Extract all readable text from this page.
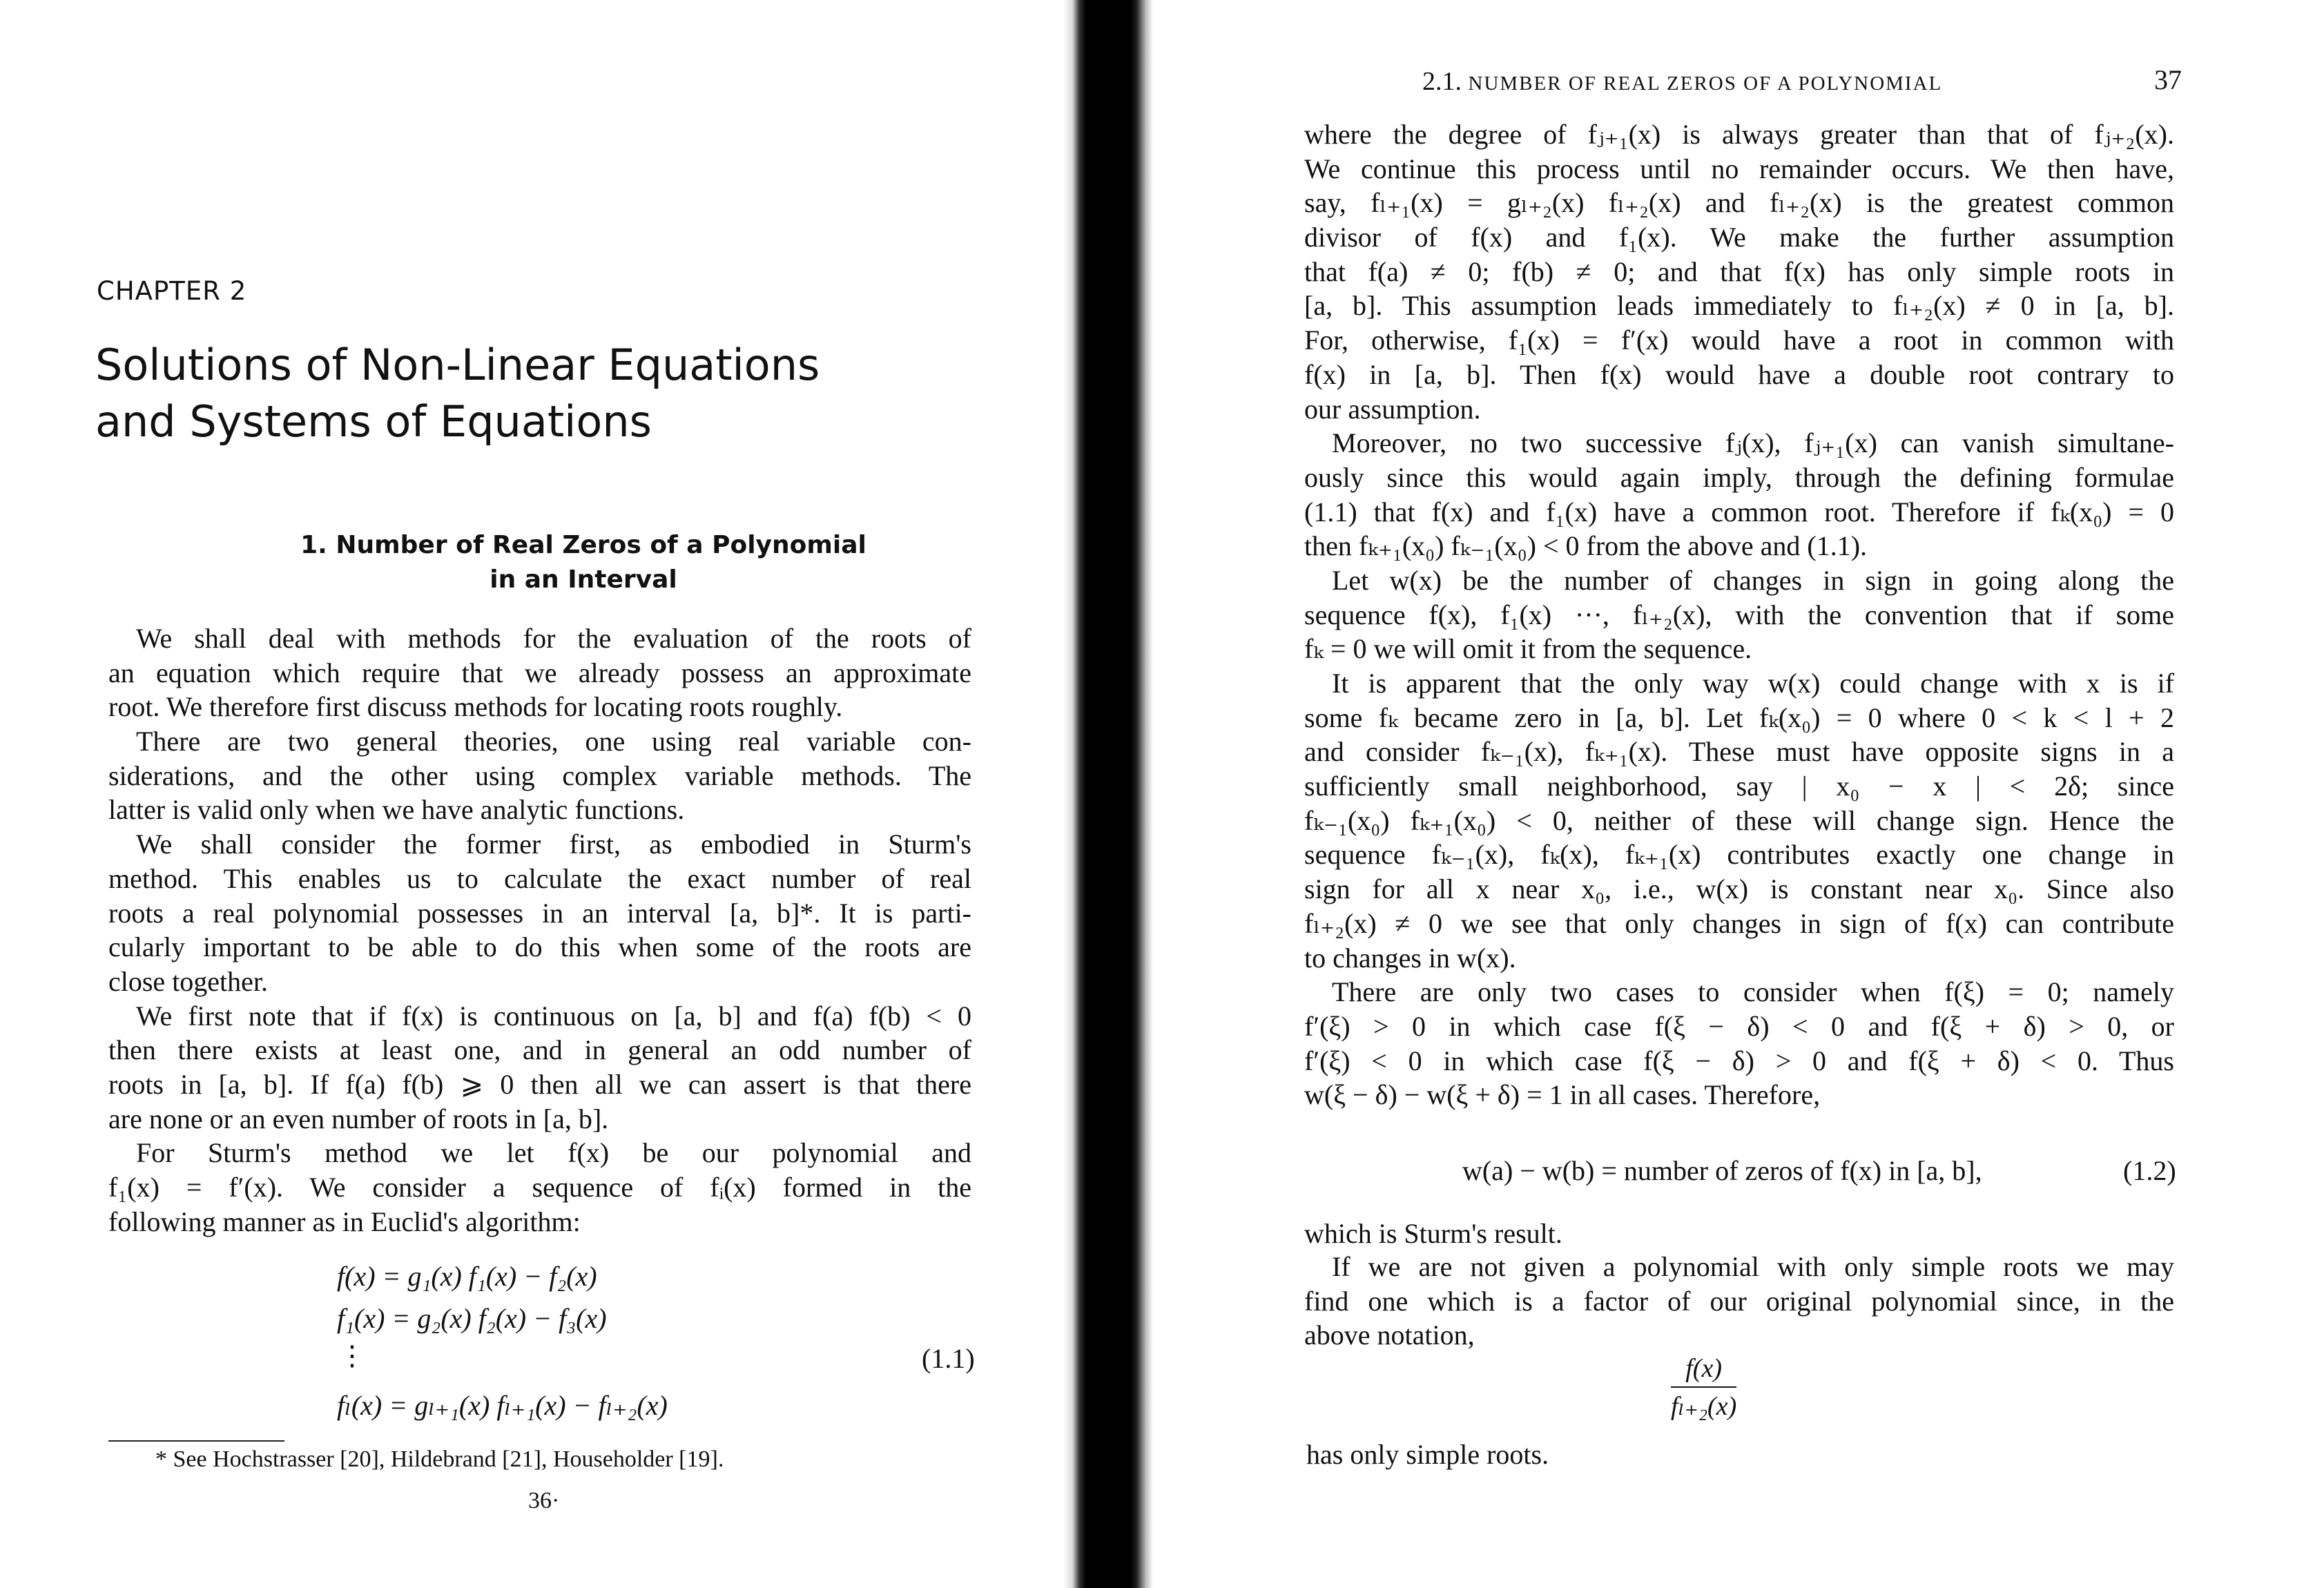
CHAPTER 2
Solutions of Non-Linear Equations
and Systems of Equations
1. Number of Real Zeros of a Polynomial
in an Interval
We shall deal with methods for the evaluation of the roots of
an equation which require that we already possess an approximate
root. We therefore first discuss methods for locating roots roughly.
There are two general theories, one using real variable con-
siderations, and the other using complex variable methods. The
latter is valid only when we have analytic functions.
We shall consider the former first, as embodied in Sturm's
method. This enables us to calculate the exact number of real
roots a real polynomial possesses in an interval [a, b]*. It is parti-
cularly important to be able to do this when some of the roots are
close together.
We first note that if f(x) is continuous on [a, b] and f(a) f(b) < 0
then there exists at least one, and in general an odd number of
roots in [a, b]. If f(a) f(b) ⩾ 0 then all we can assert is that there
are none or an even number of roots in [a, b].
For Sturm's method we let f(x) be our polynomial and
f₁(x) = f′(x). We consider a sequence of fᵢ(x) formed in the
following manner as in Euclid's algorithm:
f(x) = g₁(x) f₁(x) − f₂(x)
f₁(x) = g₂(x) f₂(x) − f₃(x)
⋮
fₗ(x) = gₗ₊₁(x) fₗ₊₁(x) − fₗ₊₂(x)
(1.1)
* See Hochstrasser [20], Hildebrand [21], Householder [19].
36·
2.1. NUMBER OF REAL ZEROS OF A POLYNOMIAL	37
where the degree of fⱼ₊₁(x) is always greater than that of fⱼ₊₂(x).
We continue this process until no remainder occurs. We then have,
say, fₗ₊₁(x) = gₗ₊₂(x) fₗ₊₂(x) and fₗ₊₂(x) is the greatest common
divisor of f(x) and f₁(x). We make the further assumption
that f(a) ≠ 0; f(b) ≠ 0; and that f(x) has only simple roots in
[a, b]. This assumption leads immediately to fₗ₊₂(x) ≠ 0 in [a, b].
For, otherwise, f₁(x) = f′(x) would have a root in common with
f(x) in [a, b]. Then f(x) would have a double root contrary to
our assumption.
Moreover, no two successive fⱼ(x), fⱼ₊₁(x) can vanish simultane-
ously since this would again imply, through the defining formulae
(1.1) that f(x) and f₁(x) have a common root. Therefore if fₖ(x₀) = 0
then fₖ₊₁(x₀) fₖ₋₁(x₀) < 0 from the above and (1.1).
Let w(x) be the number of changes in sign in going along the
sequence f(x), f₁(x) ···, fₗ₊₂(x), with the convention that if some
fₖ = 0 we will omit it from the sequence.
It is apparent that the only way w(x) could change with x is if
some fₖ became zero in [a, b]. Let fₖ(x₀) = 0 where 0 < k < l + 2
and consider fₖ₋₁(x), fₖ₊₁(x). These must have opposite signs in a
sufficiently small neighborhood, say | x₀ − x | < 2δ; since
fₖ₋₁(x₀) fₖ₊₁(x₀) < 0, neither of these will change sign. Hence the
sequence fₖ₋₁(x), fₖ(x), fₖ₊₁(x) contributes exactly one change in
sign for all x near x₀, i.e., w(x) is constant near x₀. Since also
fₗ₊₂(x) ≠ 0 we see that only changes in sign of f(x) can contribute
to changes in w(x).
There are only two cases to consider when f(ξ) = 0; namely
f′(ξ) > 0 in which case f(ξ − δ) < 0 and f(ξ + δ) > 0, or
f′(ξ) < 0 in which case f(ξ − δ) > 0 and f(ξ + δ) < 0. Thus
w(ξ − δ) − w(ξ + δ) = 1 in all cases. Therefore,
w(a) − w(b) = number of zeros of f(x) in [a, b],	(1.2)
which is Sturm's result.
If we are not given a polynomial with only simple roots we may
find one which is a factor of our original polynomial since, in the
above notation,
$\frac{f(x)}{\text{fₗ₊₂(x)}}$
has only simple roots.
